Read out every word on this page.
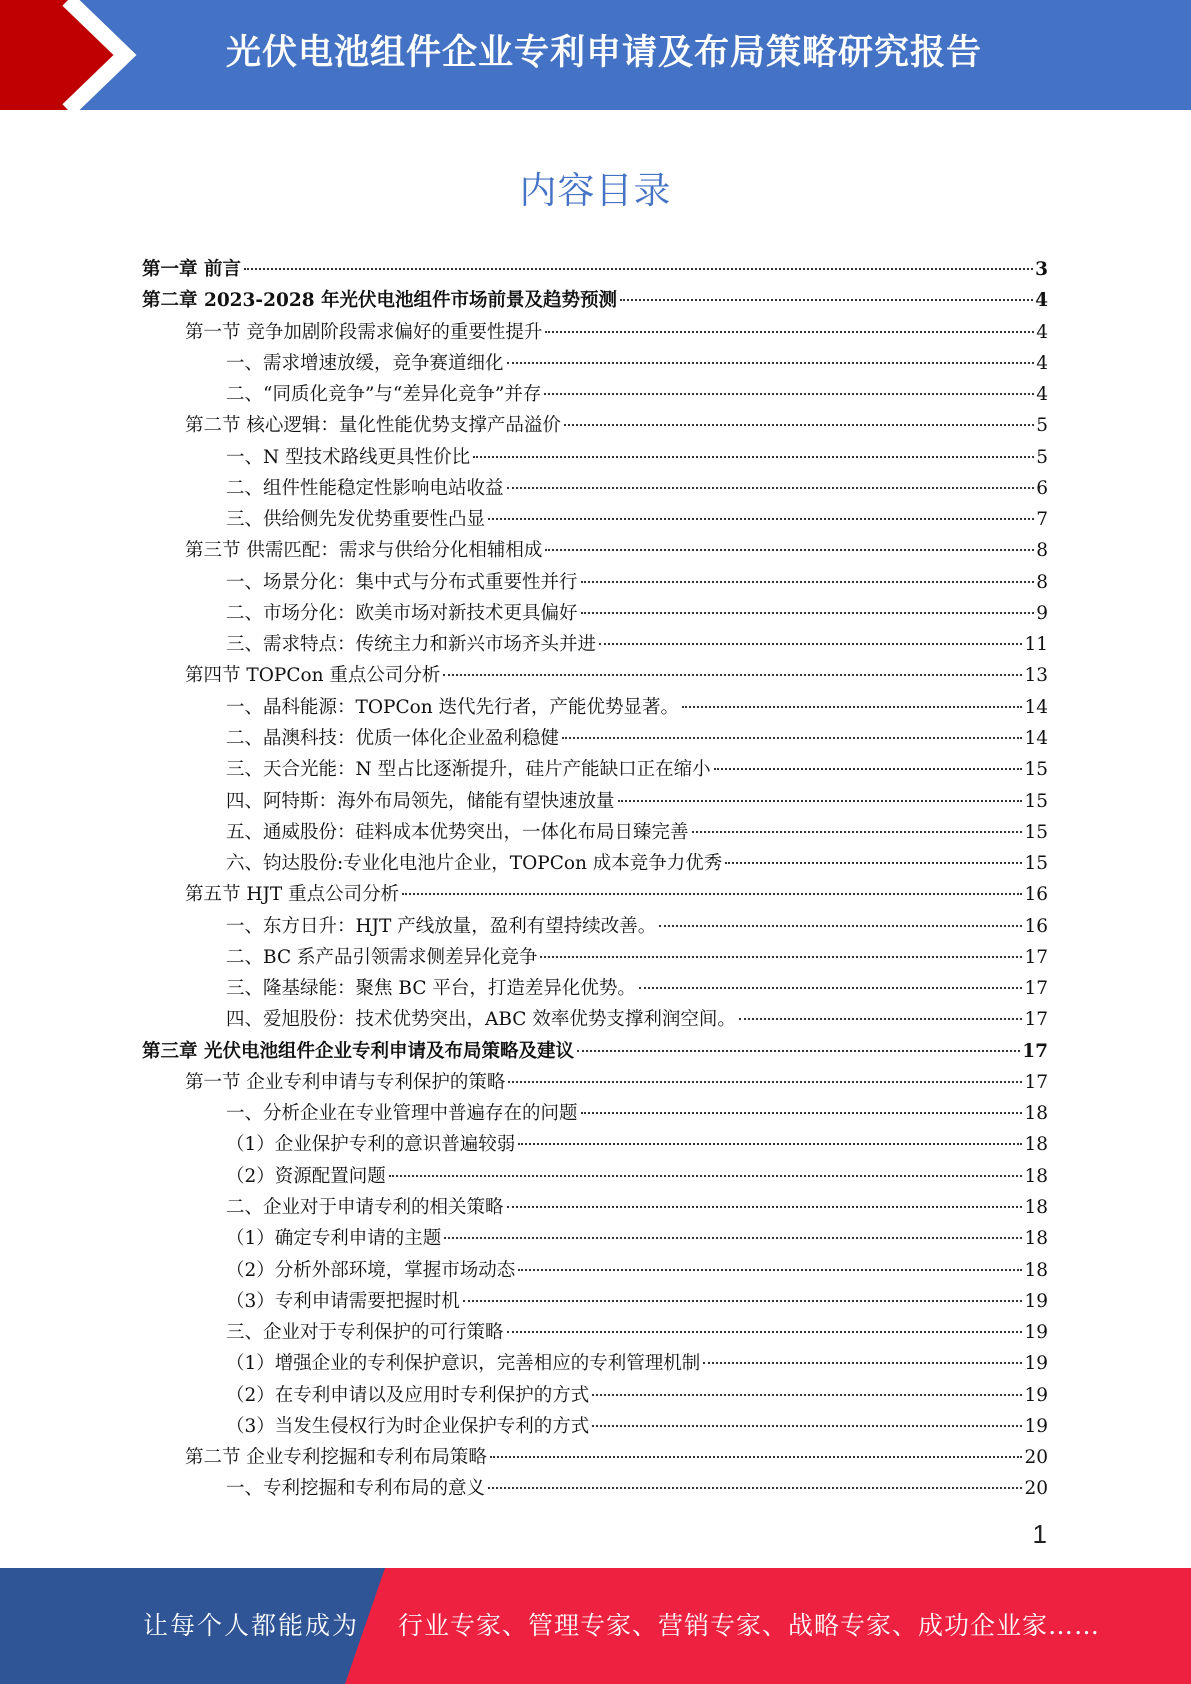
光伏电池组件企业专利申请及布局策略研究报告
内容目录
第一章 前言	3
第二章 2023-2028 年光伏电池组件市场前景及趋势预测	4
第一节 竞争加剧阶段需求偏好的重要性提升	4
一、需求增速放缓，竞争赛道细化	4
二、“同质化竞争”与“差异化竞争”并存	4
第二节 核心逻辑：量化性能优势支撑产品溢价	5
一、N 型技术路线更具性价比	5
二、组件性能稳定性影响电站收益	6
三、供给侧先发优势重要性凸显	7
第三节 供需匹配：需求与供给分化相辅相成	8
一、场景分化：集中式与分布式重要性并行	8
二、市场分化：欧美市场对新技术更具偏好	9
三、需求特点：传统主力和新兴市场齐头并进	11
第四节 TOPCon 重点公司分析	13
一、晶科能源：TOPCon 迭代先行者，产能优势显著。	14
二、晶澳科技：优质一体化企业盈利稳健	14
三、天合光能：N 型占比逐渐提升，硅片产能缺口正在缩小	15
四、阿特斯：海外布局领先，储能有望快速放量	15
五、通威股份：硅料成本优势突出，一体化布局日臻完善	15
六、钧达股份:专业化电池片企业，TOPCon 成本竞争力优秀	15
第五节 HJT 重点公司分析	16
一、东方日升：HJT 产线放量，盈利有望持续改善。	16
二、BC 系产品引领需求侧差异化竞争	17
三、隆基绿能：聚焦 BC 平台，打造差异化优势。	17
四、爱旭股份：技术优势突出，ABC 效率优势支撑利润空间。	17
第三章 光伏电池组件企业专利申请及布局策略及建议	17
第一节 企业专利申请与专利保护的策略	17
一、分析企业在专业管理中普遍存在的问题	18
（1）企业保护专利的意识普遍较弱	18
（2）资源配置问题	18
二、企业对于申请专利的相关策略	18
（1）确定专利申请的主题	18
（2）分析外部环境，掌握市场动态	18
（3）专利申请需要把握时机	19
三、企业对于专利保护的可行策略	19
（1）增强企业的专利保护意识，完善相应的专利管理机制	19
（2）在专利申请以及应用时专利保护的方式	19
（3）当发生侵权行为时企业保护专利的方式	19
第二节 企业专利挖掘和专利布局策略	20
一、专利挖掘和专利布局的意义	20
1
让每个人都能成为 行业专家、管理专家、营销专家、战略专家、成功企业家……
